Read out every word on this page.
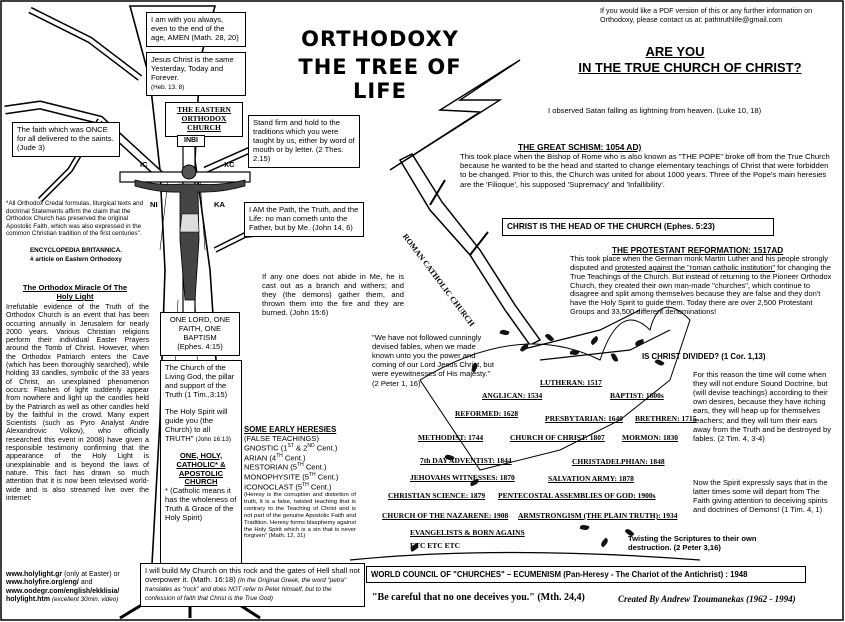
If you would like a PDF version of this or any further information on Orthodoxy, please contact us at: pathtruthlife@gmail.com
ORTHODOXY
THE TREE OF LIFE
ARE YOU
IN THE TRUE CHURCH OF CHRIST?
I observed Satan falling as lightning from heaven. (Luke 10, 18)
THE EASTERN ORTHODOX CHURCH
INBI
IC	XC
NI	KA
ROMAN CATHOLIC CHURCH
I am with you always, even to the end of the age, AMEN (Math. 28, 20)
Jesus Christ is the same Yesterday, Today and Forever.
(Heb. 13. 8)
The faith which was ONCE for all delivered to the saints. (Jude 3)
Stand firm and hold to the traditions which you were taught by us, either by word of mouth or by letter. (2 Thes. 2.15)
I AM the Path, the Truth, and the Life: no man cometh unto the Father, but by Me. (John 14, 6)
ONE LORD, ONE FAITH, ONE BAPTISM
(Ephes. 4:15)
The Church of the Living God, the pillar and support of the Truth (1 Tim.,3:15)
The Holy Spirit will guide you (the Church) to all TRUTH" (John 16:13)
ONE, HOLY, CATHOLIC* & APOSTOLIC CHURCH
* (Catholic means it has the wholeness of Truth & Grace of the Holy Spirit)
I will build My Church on this rock and the gates of Hell shall not overpower it. (Math. 16:18) (In the Original Greek, the word "petra" translates as "rock" and does NOT refer to Peter himself, but to the confession of faith that Christ is the True God)
*All Orthodox Credal formulas, liturgical texts and doctrinal Statements affirm the claim that the Orthodox Church has preserved the original Apostolic Faith, which was also expressed in the common Christian tradition of the first centuries".
ENCYCLOPEDIA BRITANNICA.
# article on Eastern Orthodoxy
The Orthodox Miracle Of The Holy Light
Irrefutable evidence of the Truth of the Orthodox Church is an event that has been occurring annually in Jerusalem for nearly 2000 years. Various Christian religions perform their individual Easter Prayers around the Tomb of Christ. However, when the Orthodox Patriarch enters the Cave (which has been thoroughly searched), while holding 33 candles, symbolic of the 33 years of Christ, an unexplained phenomenon occurs: Flashes of light suddenly appear from nowhere and light up the candles held by the Patriarch as well as other candles held by the faithful in the crowd. Many expert Scientists (such as Pyro Analyst Andre Alexandrovic Volkov), who officially researched this event in 2008) have given a responsible testimony confirming that the appearance of the Holy Light is unexplainable and is beyond the laws of nature. This fact has drawn so much attention that it is now been televised world-wide and is also streamed live over the internet:
www.holylight.gr (only at Easter) or
www.holyfire.org/eng/ and
www.oodegr.com/english/ekklisia/
holylight.htm (excellent 30min. video)
If any one does not abide in Me, he is cast out as a branch and withers; and they (the demons) gather them, and thrown them into the fire and they are burned. (John 15:6)
"We have not followed cunningly devised fables, when we made known unto you the power and coming of our Lord Jesus Christ, but were eyewitnesses of His majesty." (2 Peter 1, 16)
SOME EARLY HERESIES
(FALSE TEACHINGS)
GNOSTIC (1ST & 2ND Cent.)
ARIAN (4TH Cent.)
NESTORIAN (5TH Cent.)
MONOPHYSITE (5TH Cent.)
ICONOCLAST (5TH Cent.)
(Heresy is the corruption and distortion of truth, it is a false, twisted teaching that is contrary to the Teaching of Christ and is not part of the genuine Apostolic Faith and Tradition. Heresy forms blasphemy against the Holy Spirit which is a sin that is never forgiven" (Math. 12, 31)
THE GREAT SCHISM: 1054 AD)
This took place when the Bishop of Rome who is also known as "THE POPE" broke off from the True Church because he wanted to be the head and started to change elementary teachings of Christ that were forbidden to be changed. Prior to this, the Church was united for about 1000 years. Three of the Pope's main heresies are the 'Filioque', his supposed 'Supremacy' and 'Infallibility'.
CHRIST IS THE HEAD OF THE CHURCH (Ephes. 5:23)
THE PROTESTANT REFORMATION: 1517AD
This took place when the German monk Martin Luther and his people strongly disputed and protested against the "roman catholic institution" for changing the True Teachings of the Church. But instead of returning to the Pioneer Orthodox Church, they created their own man-made "churches", which continue to disagree and split among themselves because they are false and they don't have the Holy Spirit to guide them. Today there are over 2,500 Protestant Groups and 33,500 different denominations!
IS CHRIST DIVIDED? (1 Cor. 1,13)
For this reason the time will come when they will not endure Sound Doctrine, but (will devise teachings) according to their own desires, because they have itching ears, they will heap up for themselves teachers; and they will turn their ears away from the Truth and be destroyed by fables. (2 Tim. 4, 3-4)
Now the Spirit expressly says that in the latter times some will depart from The Faith giving attention to deceiving spirits and doctrines of Demons! (1 Tim. 4, 1)
Twisting the Scriptures to their own destruction. (2 Peter 3,16)
LUTHERAN: 1517
ANGLICAN: 1534	BAPTIST: 1600s
REFORMED: 1628
PRESBYTARIAN: 1640 BRETHREN: 1715
METHODIST: 1744	CHURCH OF CHRIST: 1807 MORMON: 1830
7th DAY ADVENTIST: 1844	CHRISTADELPHIAN: 1848
JEHOVAHS WITNESSES: 1870	SALVATION ARMY: 1878
CHRISTIAN SCIENCE: 1879 PENTECOSTAL ASSEMBLIES OF GOD: 1900s
CHURCH OF THE NAZARENE: 1908 ARMSTRONGISM (THE PLAIN TRUTH): 1934
EVANGELISTS & BORN AGAINS
ETC ETC ETC
WORLD COUNCIL OF "CHURCHES" – ECUMENISM (Pan-Heresy - The Chariot of the Antichrist) : 1948
"Be careful that no one deceives you." (Mth. 24,4)	Created By Andrew Tzoumanekas (1962 - 1994)
